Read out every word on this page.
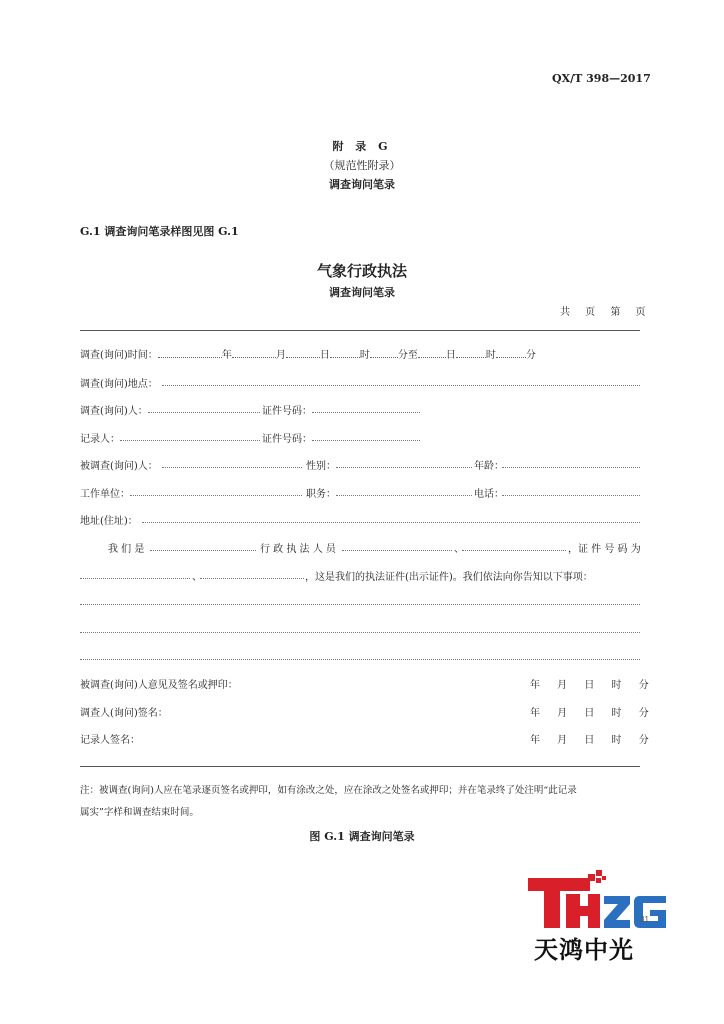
QX/T 398—2017
附 录 G
（规范性附录）
调查询问笔录
G.1 调查询问笔录样图见图 G.1
气象行政执法
调查询问笔录
共 页 第 页
调查(询问)时间：	年	月	日	时	分至	日	时	分
调查(询问)地点：
调查(询问)人：	证件号码：
记录人：	证件号码：
被调查(询问)人：	性别：	年龄：
工作单位：	职务：	电话：
地址(住址)：
我 们 是	行 政 执 法 人 员	、	，证 件 号 码 为
、	，这是我们的执法证件(出示证件)。我们依法向你告知以下事项：
被调查(询问)人意见及签名或押印：	年 月 日 时 分
调查人(询问)签名：	年 月 日 时 分
记录人签名：	年 月 日 时 分
注：被调查(询问)人应在笔录逐页签名或押印，如有涂改之处，应在涂改之处签名或押印；并在笔录终了处注明“此记录
属实”字样和调查结束时间。
图 G.1 调查询问笔录
31
天鸿中光
